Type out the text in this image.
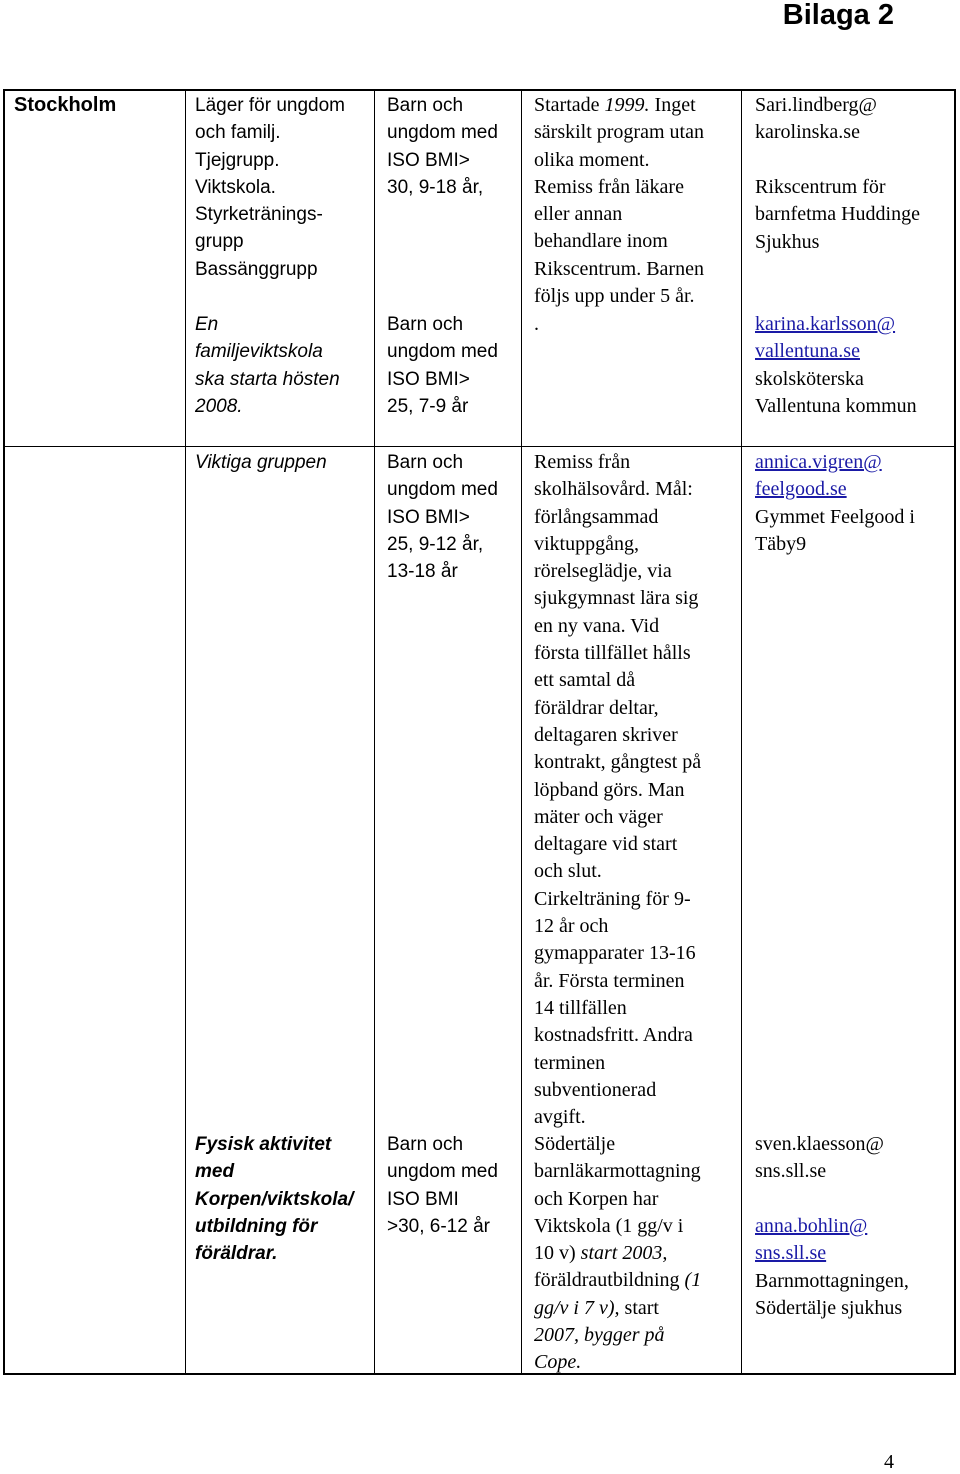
Bilaga 2
Stockholm	Läger för ungdom
och familj.
Tjejgrupp.
Viktskola.
Styrketränings-
grupp
Bassänggrupp
En
familjeviktskola
ska starta hösten
2008.
Barn och
ungdom med
ISO BMI>
30, 9-18 år,
Barn och
ungdom med
ISO BMI>
25, 7-9 år
Startade 1999. Inget
särskilt program utan
olika moment.
Remiss från läkare
eller annan
behandlare inom
Rikscentrum. Barnen
följs upp under 5 år.
.
Sari.lindberg@
karolinska.se
Rikscentrum för
barnfetma Huddinge
Sjukhus
karina.karlsson@
vallentuna.se
skolsköterska
Vallentuna kommun
Viktiga gruppen	Barn och
ungdom med
ISO BMI>
25, 9-12 år,
13-18 år
Remiss från
skolhälsovård. Mål:
förlångsammad
viktuppgång,
rörelseglädje, via
sjukgymnast lära sig
en ny vana. Vid
första tillfället hålls
ett samtal då
föräldrar deltar,
deltagaren skriver
kontrakt, gångtest på
löpband görs. Man
mäter och väger
deltagare vid start
och slut.
Cirkelträning för 9-
12 år och
gymapparater 13-16
år. Första terminen
14 tillfällen
kostnadsfritt. Andra
terminen
subventionerad
avgift.
annica.vigren@
feelgood.se
Gymmet Feelgood i
Täby9
Fysisk aktivitet
med
Korpen/viktskola/
utbildning för
föräldrar.
Barn och
ungdom med
ISO BMI
>30, 6-12 år
Södertälje
barnläkarmottagning
och Korpen har
Viktskola (1 gg/v i
10 v) start 2003,
föräldrautbildning (1
gg/v i 7 v), start
2007, bygger på
Cope.
sven.klaesson@
sns.sll.se
anna.bohlin@
sns.sll.se
Barnmottagningen,
Södertälje sjukhus
4
